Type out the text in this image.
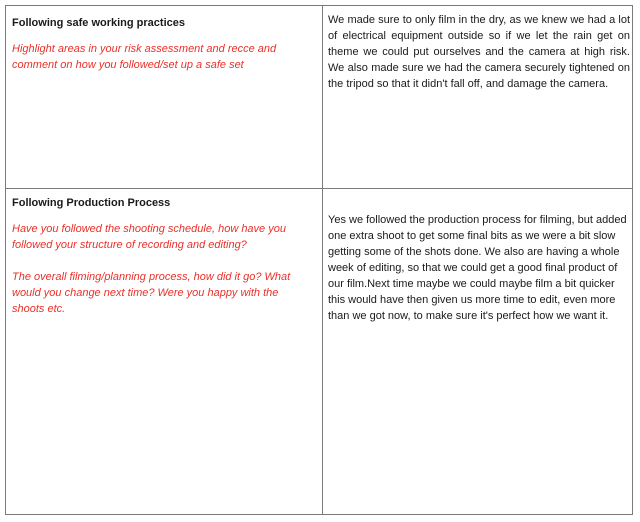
Following safe working practices

Highlight areas in your risk assessment and recce and comment on how you followed/set up a safe set

We made sure to only film in the dry, as we knew we had a lot of electrical equipment outside so if we let the rain get on theme we could put ourselves and the camera at high risk. We also made sure we had the camera securely tightened on the tripod so that it didn't fall off, and damage the camera.

Following Production Process

Have you followed the shooting schedule, how have you followed your structure of recording and editing?

The overall filming/planning process, how did it go? What would you change next time? Were you happy with the shoots etc.

Yes we followed the production process for filming, but added one extra shoot to get some final bits as we were a bit slow getting some of the shots done. We also are having a whole week of editing, so that we could get a good final product of our film.Next time maybe we could maybe film a bit quicker this would have then given us more time to edit, even more than we got now, to make sure it's perfect how we want it.
